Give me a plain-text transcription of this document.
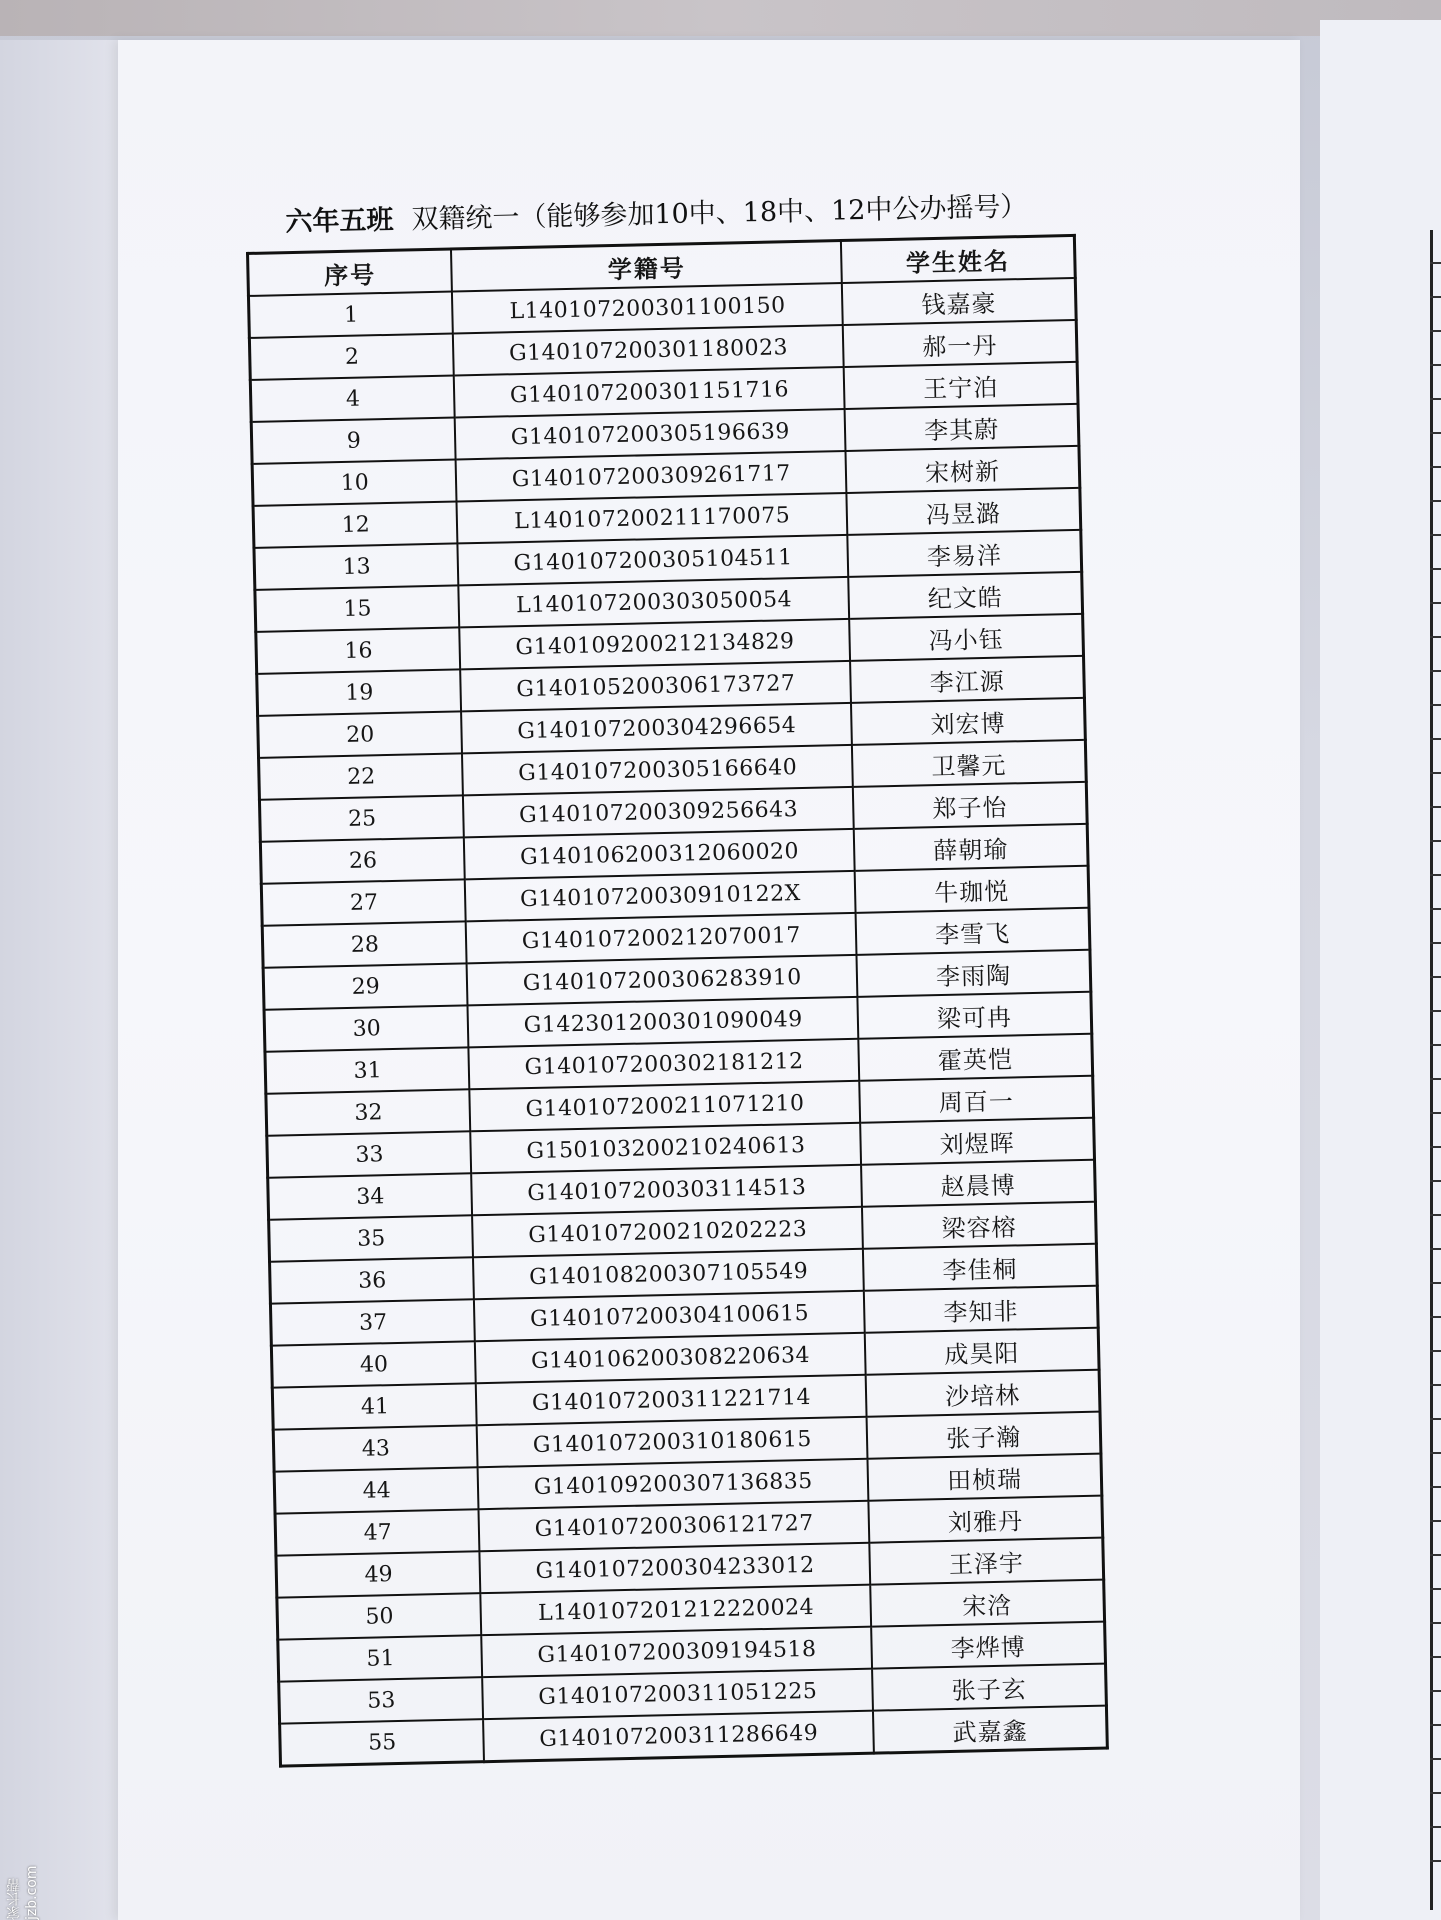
六年五班 双籍统一（能够参加10中、18中、12中公办摇号）
序号	学籍号	学生姓名
1	L140107200301100150	钱嘉豪
2	G140107200301180023	郝一丹
4	G140107200301151716	王宁泊
9	G140107200305196639	李其蔚
10	G140107200309261717	宋树新
12	L140107200211170075	冯昱潞
13	G140107200305104511	李易洋
15	L140107200303050054	纪文皓
16	G140109200212134829	冯小钰
19	G140105200306173727	李江源
20	G140107200304296654	刘宏博
22	G140107200305166640	卫馨元
25	G140107200309256643	郑子怡
26	G140106200312060020	薛朝瑜
27	G14010720030910122X	牛珈悦
28	G140107200212070017	李雪飞
29	G140107200306283910	李雨陶
30	G142301200301090049	梁可冉
31	G140107200302181212	霍英恺
32	G140107200211071210	周百一
33	G150103200210240613	刘煜晖
34	G140107200303114513	赵晨博
35	G140107200210202223	梁容榕
36	G140108200307105549	李佳桐
37	G140107200304100615	李知非
40	G140106200308220634	成昊阳
41	G140107200311221714	沙培林
43	G140107200310180615	张子瀚
44	G140109200307136835	田桢瑞
47	G140107200306121727	刘雅丹
49	G140107200304233012	王泽宇
50	L140107201212220024	宋浛
51	G140107200309194518	李烨博
53	G140107200311051225	张子玄
55	G140107200311286649	武嘉鑫
家长帮 jzb.com
